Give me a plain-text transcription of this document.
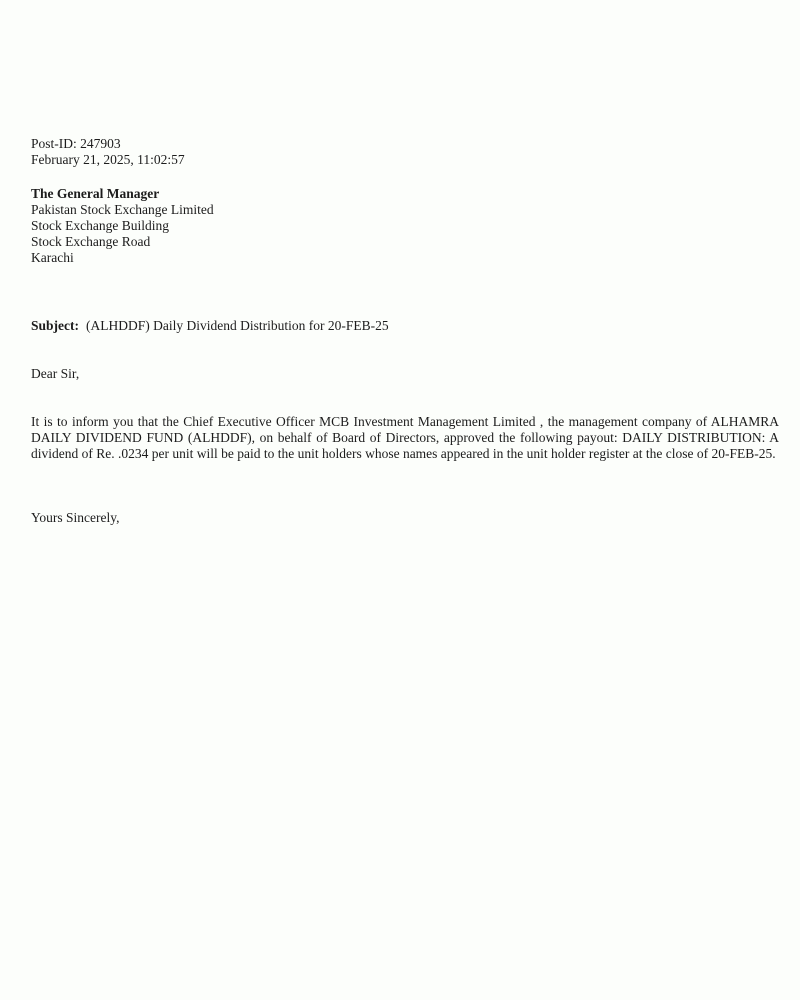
Post-ID: 247903
February 21, 2025, 11:02:57
The General Manager
Pakistan Stock Exchange Limited
Stock Exchange Building
Stock Exchange Road
Karachi
Subject: (ALHDDF) Daily Dividend Distribution for 20-FEB-25
Dear Sir,
It is to inform you that the Chief Executive Officer MCB Investment Management Limited , the management company of ALHAMRA DAILY DIVIDEND FUND (ALHDDF), on behalf of Board of Directors, approved the following payout: DAILY DISTRIBUTION: A dividend of Re. .0234 per unit will be paid to the unit holders whose names appeared in the unit holder register at the close of 20-FEB-25.
Yours Sincerely,
